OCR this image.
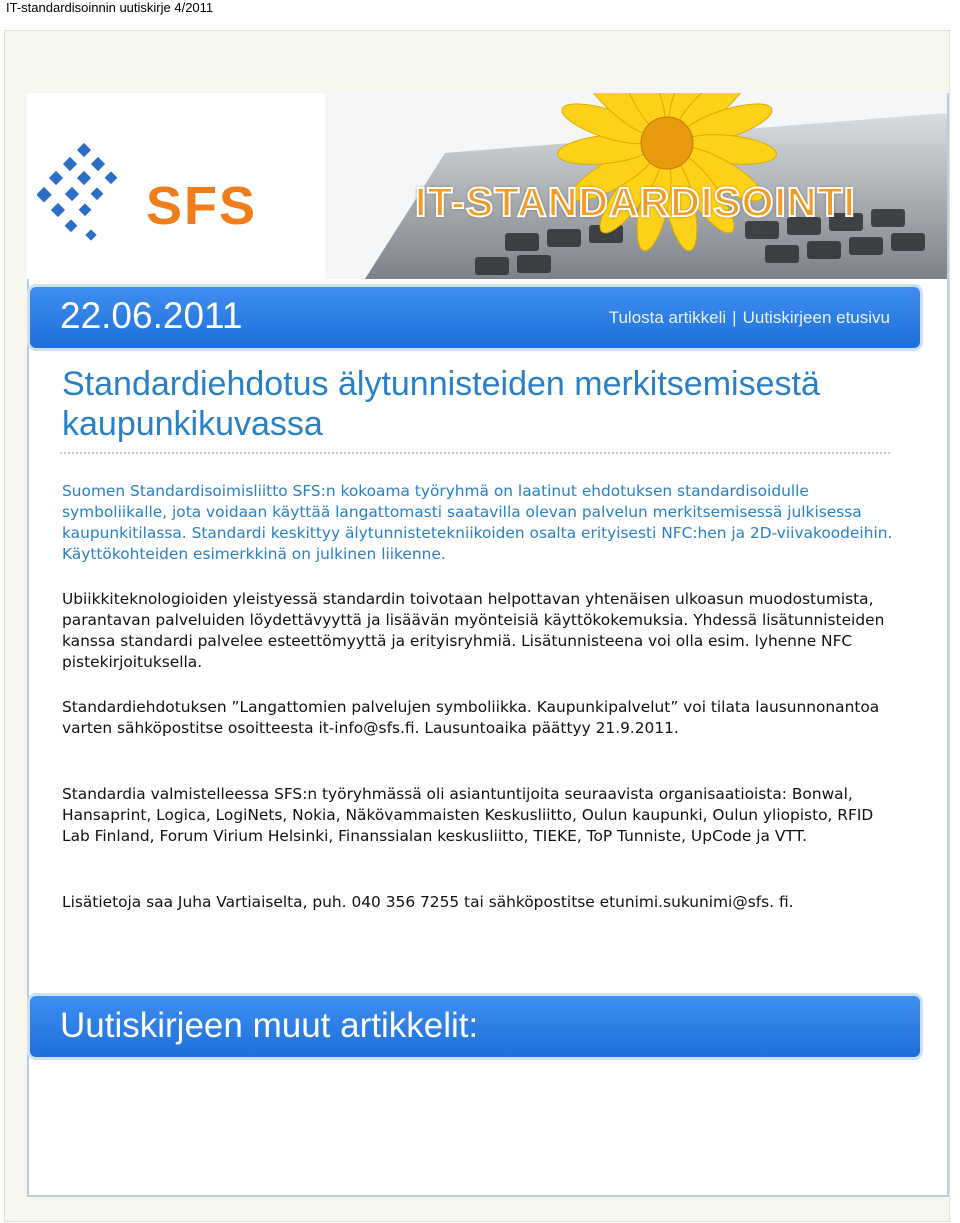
IT-standardisoinnin uutiskirje 4/2011
SFS	IT-STANDARDISOINTI
22.06.2011	Tulosta artikkeli | Uutiskirjeen etusivu
Standardiehdotus älytunnisteiden merkitsemisestä kaupunkikuvassa

Suomen Standardisoimisliitto SFS:n kokoama työryhmä on laatinut ehdotuksen standardisoidulle symboliikalle, jota voidaan käyttää langattomasti saatavilla olevan palvelun merkitsemisessä julkisessa kaupunkitilassa. Standardi keskittyy älytunnistetekniikoiden osalta erityisesti NFC:hen ja 2D-viivakoodeihin. Käyttökohteiden esimerkkinä on julkinen liikenne.

Ubiikkiteknologioiden yleistyessä standardin toivotaan helpottavan yhtenäisen ulkoasun muodostumista, parantavan palveluiden löydettävyyttä ja lisäävän myönteisiä käyttökokemuksia. Yhdessä lisätunnisteiden kanssa standardi palvelee esteettömyyttä ja erityisryhmiä. Lisätunnisteena voi olla esim. lyhenne NFC pistekirjoituksella.

Standardiehdotuksen ”Langattomien palvelujen symboliikka. Kaupunkipalvelut” voi tilata lausunnonantoa varten sähköpostitse osoitteesta it-info@sfs.fi. Lausuntoaika päättyy 21.9.2011.

Standardia valmistelleessa SFS:n työryhmässä oli asiantuntijoita seuraavista organisaatioista: Bonwal, Hansaprint, Logica, LogiNets, Nokia, Näkövammaisten Keskusliitto, Oulun kaupunki, Oulun yliopisto, RFID Lab Finland, Forum Virium Helsinki, Finanssialan keskusliitto, TIEKE, ToP Tunniste, UpCode ja VTT.

Lisätietoja saa Juha Vartiaiselta, puh. 040 356 7255 tai sähköpostitse etunimi.sukunimi@sfs. fi.

Uutiskirjeen muut artikkelit:
